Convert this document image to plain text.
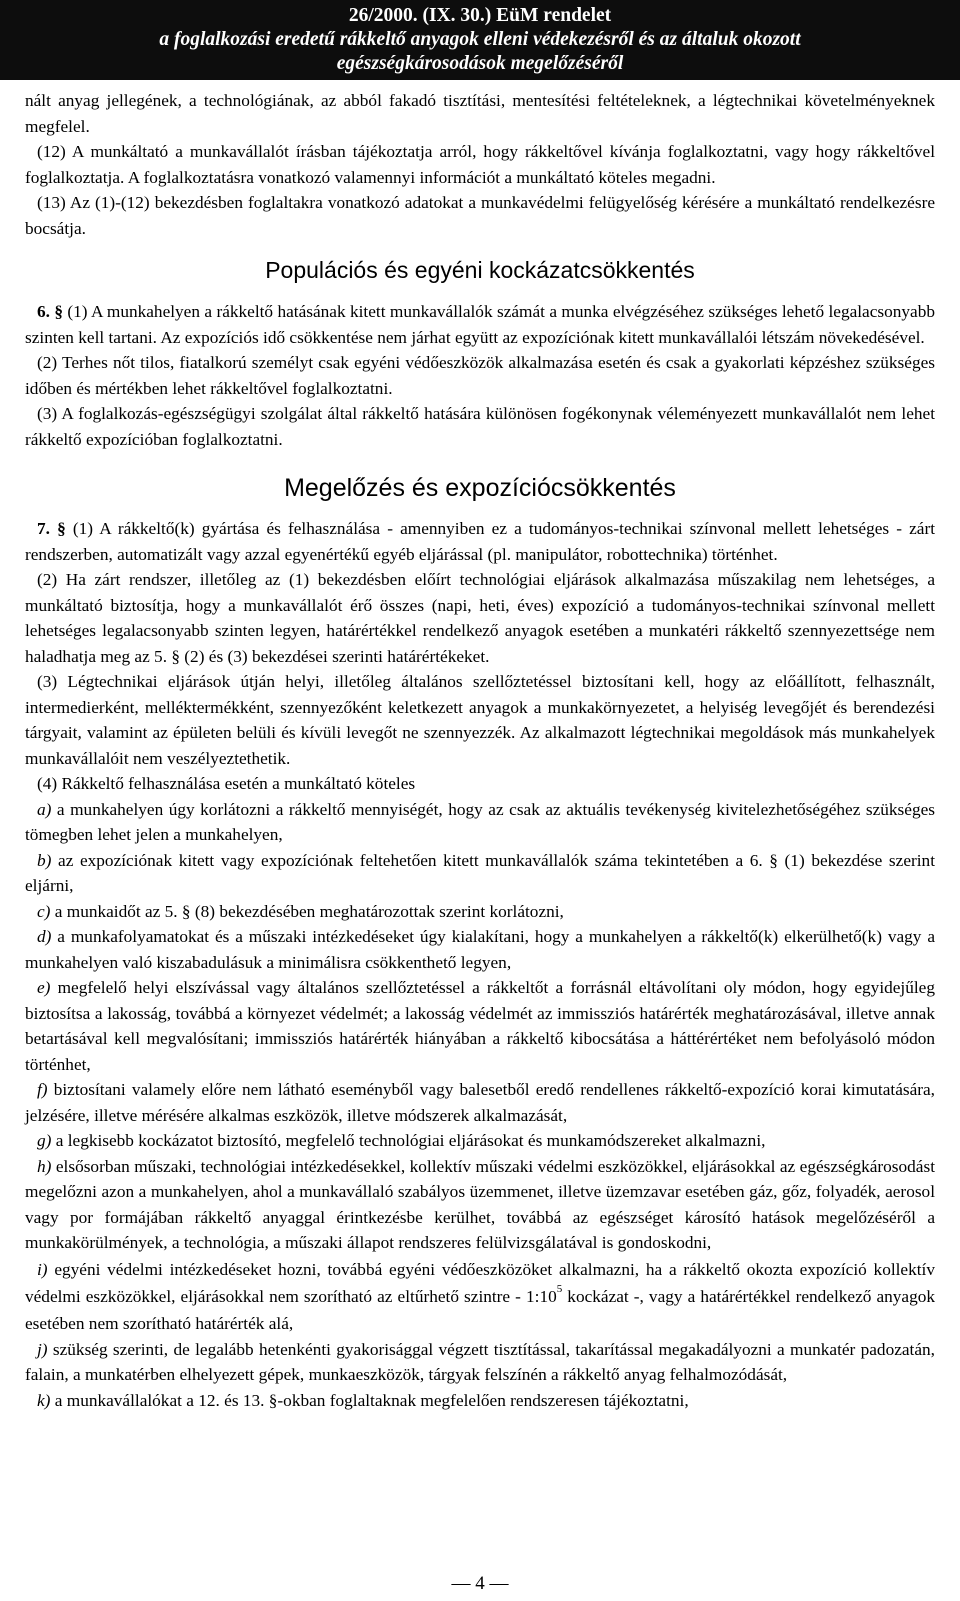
26/2000. (IX. 30.) EüM rendelet
a foglalkozási eredetű rákkeltő anyagok elleni védekezésről és az általuk okozott
egészségkárosodások megelőzéséről

nált anyag jellegének, a technológiának, az abból fakadó tisztítási, mentesítési feltételeknek, a légtechnikai követelményeknek megfelel.

(12) A munkáltató a munkavállalót írásban tájékoztatja arról, hogy rákkeltővel kívánja foglalkoztatni, vagy hogy rákkeltővel foglalkoztatja. A foglalkoztatásra vonatkozó valamennyi információt a munkáltató köteles megadni.

(13) Az (1)-(12) bekezdésben foglaltakra vonatkozó adatokat a munkavédelmi felügyelőség kérésére a munkáltató rendelkezésre bocsátja.

Populációs és egyéni kockázatcsökkentés

6. § (1) A munkahelyen a rákkeltő hatásának kitett munkavállalók számát a munka elvégzéséhez szükséges lehető legalacsonyabb szinten kell tartani. Az expozíciós idő csökkentése nem járhat együtt az expozíciónak kitett munkavállalói létszám növekedésével.

(2) Terhes nőt tilos, fiatalkorú személyt csak egyéni védőeszközök alkalmazása esetén és csak a gyakorlati képzéshez szükséges időben és mértékben lehet rákkeltővel foglalkoztatni.

(3) A foglalkozás-egészségügyi szolgálat által rákkeltő hatására különösen fogékonynak véleményezett munkavállalót nem lehet rákkeltő expozícióban foglalkoztatni.

Megelőzés és expozíciócsökkentés

7. § (1) A rákkeltő(k) gyártása és felhasználása - amennyiben ez a tudományos-technikai színvonal mellett lehetséges - zárt rendszerben, automatizált vagy azzal egyenértékű egyéb eljárással (pl. manipulátor, robottechnika) történhet.

(2) Ha zárt rendszer, illetőleg az (1) bekezdésben előírt technológiai eljárások alkalmazása műszakilag nem lehetséges, a munkáltató biztosítja, hogy a munkavállalót érő összes (napi, heti, éves) expozíció a tudományos-technikai színvonal mellett lehetséges legalacsonyabb szinten legyen, határértékkel rendelkező anyagok esetében a munkatéri rákkeltő szennyezettsége nem haladhatja meg az 5. § (2) és (3) bekezdései szerinti határértékeket.

(3) Légtechnikai eljárások útján helyi, illetőleg általános szellőztetéssel biztosítani kell, hogy az előállított, felhasznált, intermedierként, melléktermékként, szennyezőként keletkezett anyagok a munkakörnyezetet, a helyiség levegőjét és berendezési tárgyait, valamint az épületen belüli és kívüli levegőt ne szennyezzék. Az alkalmazott légtechnikai megoldások más munkahelyek munkavállalóit nem veszélyeztethetik.

(4) Rákkeltő felhasználása esetén a munkáltató köteles

a) a munkahelyen úgy korlátozni a rákkeltő mennyiségét, hogy az csak az aktuális tevékenység kivitelezhetőségéhez szükséges tömegben lehet jelen a munkahelyen,

b) az expozíciónak kitett vagy expozíciónak feltehetően kitett munkavállalók száma tekintetében a 6. § (1) bekezdése szerint eljárni,

c) a munkaidőt az 5. § (8) bekezdésében meghatározottak szerint korlátozni,

d) a munkafolyamatokat és a műszaki intézkedéseket úgy kialakítani, hogy a munkahelyen a rákkeltő(k) elkerülhető(k) vagy a munkahelyen való kiszabadulásuk a minimálisra csökkenthető legyen,

e) megfelelő helyi elszívással vagy általános szellőztetéssel a rákkeltőt a forrásnál eltávolítani oly módon, hogy egyidejűleg biztosítsa a lakosság, továbbá a környezet védelmét; a lakosság védelmét az immissziós határérték meghatározásával, illetve annak betartásával kell megvalósítani; immissziós határérték hiányában a rákkeltő kibocsátása a háttérértéket nem befolyásoló módon történhet,

f) biztosítani valamely előre nem látható eseményből vagy balesetből eredő rendellenes rákkeltő-expozíció korai kimutatására, jelzésére, illetve mérésére alkalmas eszközök, illetve módszerek alkalmazását,

g) a legkisebb kockázatot biztosító, megfelelő technológiai eljárásokat és munkamódszereket alkalmazni,

h) elsősorban műszaki, technológiai intézkedésekkel, kollektív műszaki védelmi eszközökkel, eljárásokkal az egészségkárosodást megelőzni azon a munkahelyen, ahol a munkavállaló szabályos üzemmenet, illetve üzemzavar esetében gáz, gőz, folyadék, aerosol vagy por formájában rákkeltő anyaggal érintkezésbe kerülhet, továbbá az egészséget károsító hatások megelőzéséről a munkakörülmények, a technológia, a műszaki állapot rendszeres felülvizsgálatával is gondoskodni,

i) egyéni védelmi intézkedéseket hozni, továbbá egyéni védőeszközöket alkalmazni, ha a rákkeltő okozta expozíció kollektív védelmi eszközökkel, eljárásokkal nem szorítható az eltűrhető szintre - $1:10^5$ kockázat -, vagy a határértékkel rendelkező anyagok esetében nem szorítható határérték alá,

j) szükség szerinti, de legalább hetenkénti gyakorisággal végzett tisztítással, takarítással megakadályozni a munkatér padozatán, falain, a munkatérben elhelyezett gépek, munkaeszközök, tárgyak felszínén a rákkeltő anyag felhalmozódását,

k) a munkavállalókat a 12. és 13. §-okban foglaltaknak megfelelően rendszeresen tájékoztatni,

— 4 —
